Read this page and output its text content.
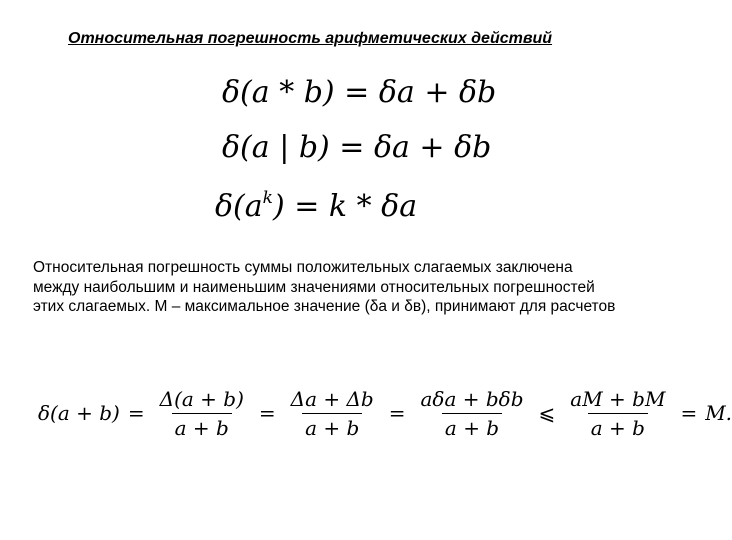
Относительная погрешность арифметических действий
δ(a * b) = δa + δb
δ(a | b) = δa + δb
$\delta(a^k) = k * \delta a$
Относительная погрешность суммы положительных слагаемых заключена
между наибольшим и наименьшим значениями относительных погрешностей
этих слагаемых. М – максимальное значение (δa и δв), принимают для расчетов
$\delta(a + b) = \frac{\Delta(a + b)}{a + b} = \frac{\Delta a + \Delta b}{a + b} = \frac{\text{aδa + bδb}}{a + b}$ ⩽ $\frac{aM + bM}{a + b} = M$.
